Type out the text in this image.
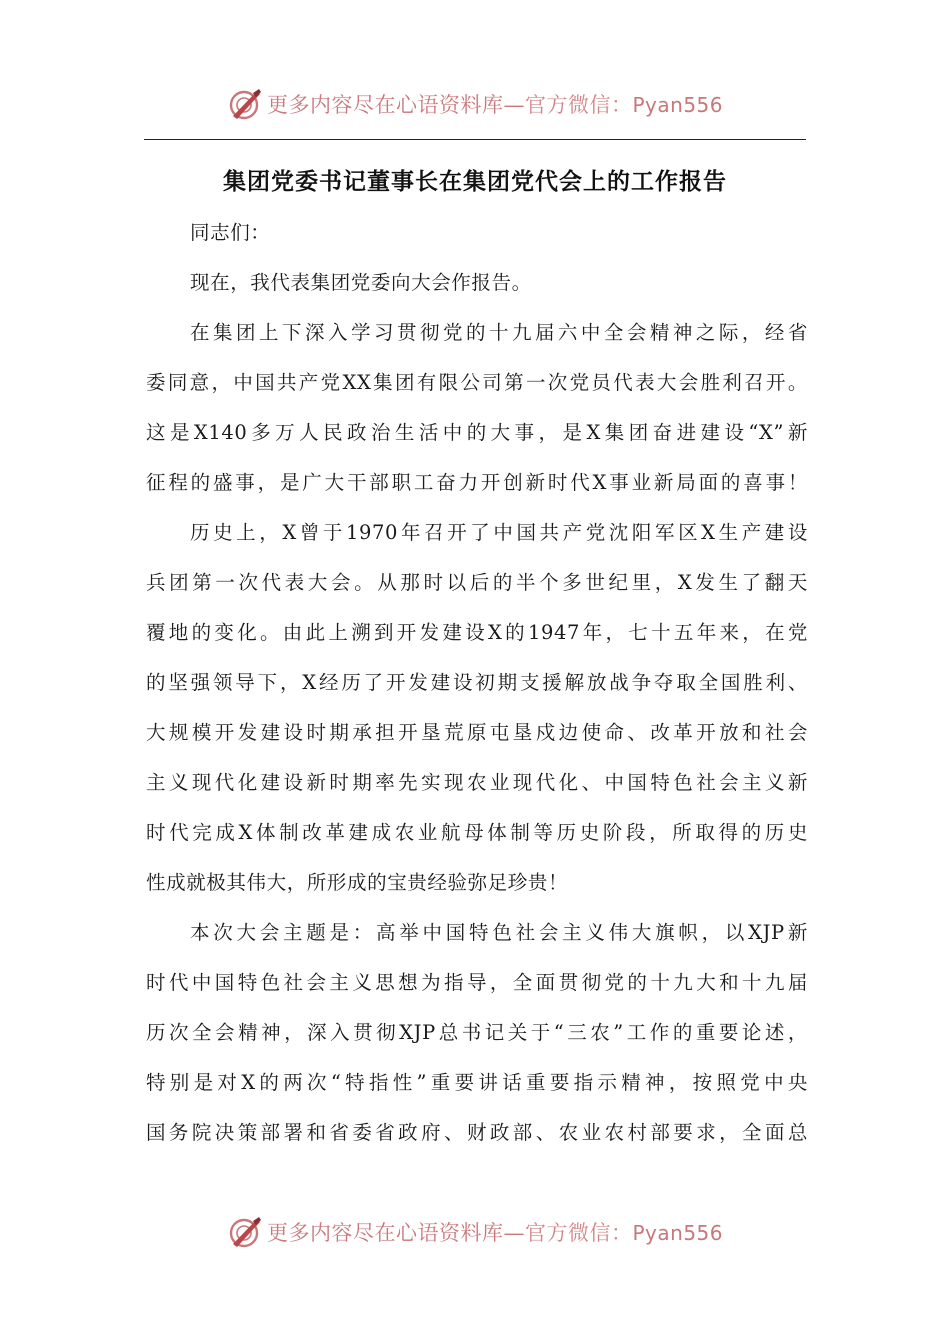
更多内容尽在心语资料库—官方微信：Pyan556
集团党委书记董事长在集团党代会上的工作报告
同志们：
现在，我代表集团党委向大会作报告。
在集团上下深入学习贯彻党的十九届六中全会精神之际，经省
委同意，中国共产党XX集团有限公司第一次党员代表大会胜利召开。
这是X140多万人民政治生活中的大事，是X集团奋进建设“X”新
征程的盛事，是广大干部职工奋力开创新时代X事业新局面的喜事！
历史上，X曾于1970年召开了中国共产党沈阳军区X生产建设
兵团第一次代表大会。从那时以后的半个多世纪里，X发生了翻天
覆地的变化。由此上溯到开发建设X的1947年，七十五年来，在党
的坚强领导下，X经历了开发建设初期支援解放战争夺取全国胜利、
大规模开发建设时期承担开垦荒原屯垦戍边使命、改革开放和社会
主义现代化建设新时期率先实现农业现代化、中国特色社会主义新
时代完成X体制改革建成农业航母体制等历史阶段，所取得的历史
性成就极其伟大，所形成的宝贵经验弥足珍贵！
本次大会主题是：高举中国特色社会主义伟大旗帜，以XJP新
时代中国特色社会主义思想为指导，全面贯彻党的十九大和十九届
历次全会精神，深入贯彻XJP总书记关于“三农”工作的重要论述，
特别是对X的两次“特指性”重要讲话重要指示精神，按照党中央
国务院决策部署和省委省政府、财政部、农业农村部要求，全面总
更多内容尽在心语资料库—官方微信：Pyan556
